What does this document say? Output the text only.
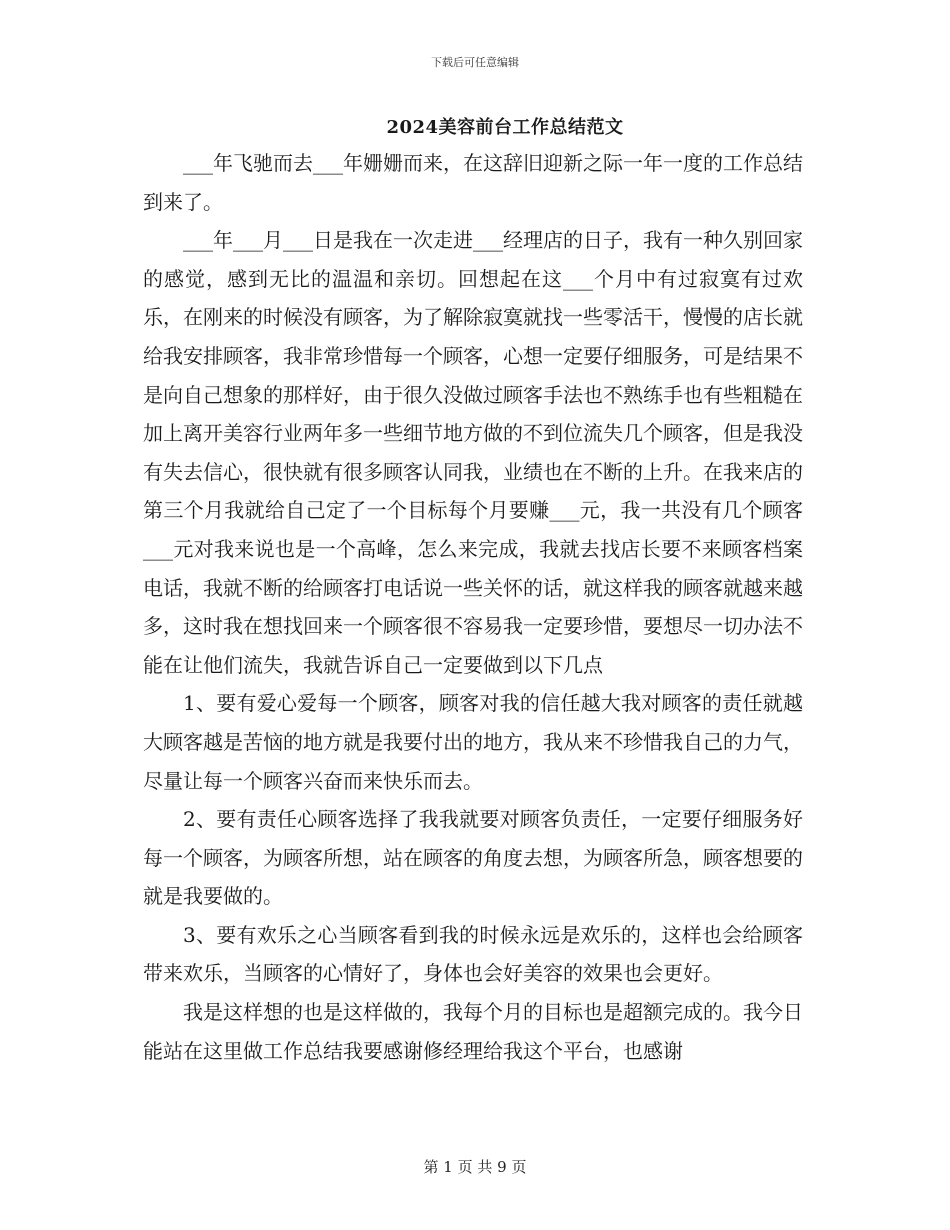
下载后可任意编辑
2024美容前台工作总结范文

___年飞驰而去___年姗姗而来，在这辞旧迎新之际一年一度的工作总结到来了。

___年___月___日是我在一次走进___经理店的日子，我有一种久别回家的感觉，感到无比的温温和亲切。回想起在这___个月中有过寂寞有过欢乐，在刚来的时候没有顾客，为了解除寂寞就找一些零活干，慢慢的店长就给我安排顾客，我非常珍惜每一个顾客，心想一定要仔细服务，可是结果不是向自己想象的那样好，由于很久没做过顾客手法也不熟练手也有些粗糙在加上离开美容行业两年多一些细节地方做的不到位流失几个顾客，但是我没有失去信心，很快就有很多顾客认同我，业绩也在不断的上升。在我来店的第三个月我就给自己定了一个目标每个月要赚___元，我一共没有几个顾客___元对我来说也是一个高峰，怎么来完成，我就去找店长要不来顾客档案电话，我就不断的给顾客打电话说一些关怀的话，就这样我的顾客就越来越多，这时我在想找回来一个顾客很不容易我一定要珍惜，要想尽一切办法不能在让他们流失，我就告诉自己一定要做到以下几点

1、要有爱心爱每一个顾客，顾客对我的信任越大我对顾客的责任就越大顾客越是苦恼的地方就是我要付出的地方，我从来不珍惜我自己的力气，尽量让每一个顾客兴奋而来快乐而去。

2、要有责任心顾客选择了我我就要对顾客负责任，一定要仔细服务好每一个顾客，为顾客所想，站在顾客的角度去想，为顾客所急，顾客想要的就是我要做的。

3、要有欢乐之心当顾客看到我的时候永远是欢乐的，这样也会给顾客带来欢乐，当顾客的心情好了，身体也会好美容的效果也会更好。

我是这样想的也是这样做的，我每个月的目标也是超额完成的。我今日能站在这里做工作总结我要感谢修经理给我这个平台，也感谢

第 1 页 共 9 页
